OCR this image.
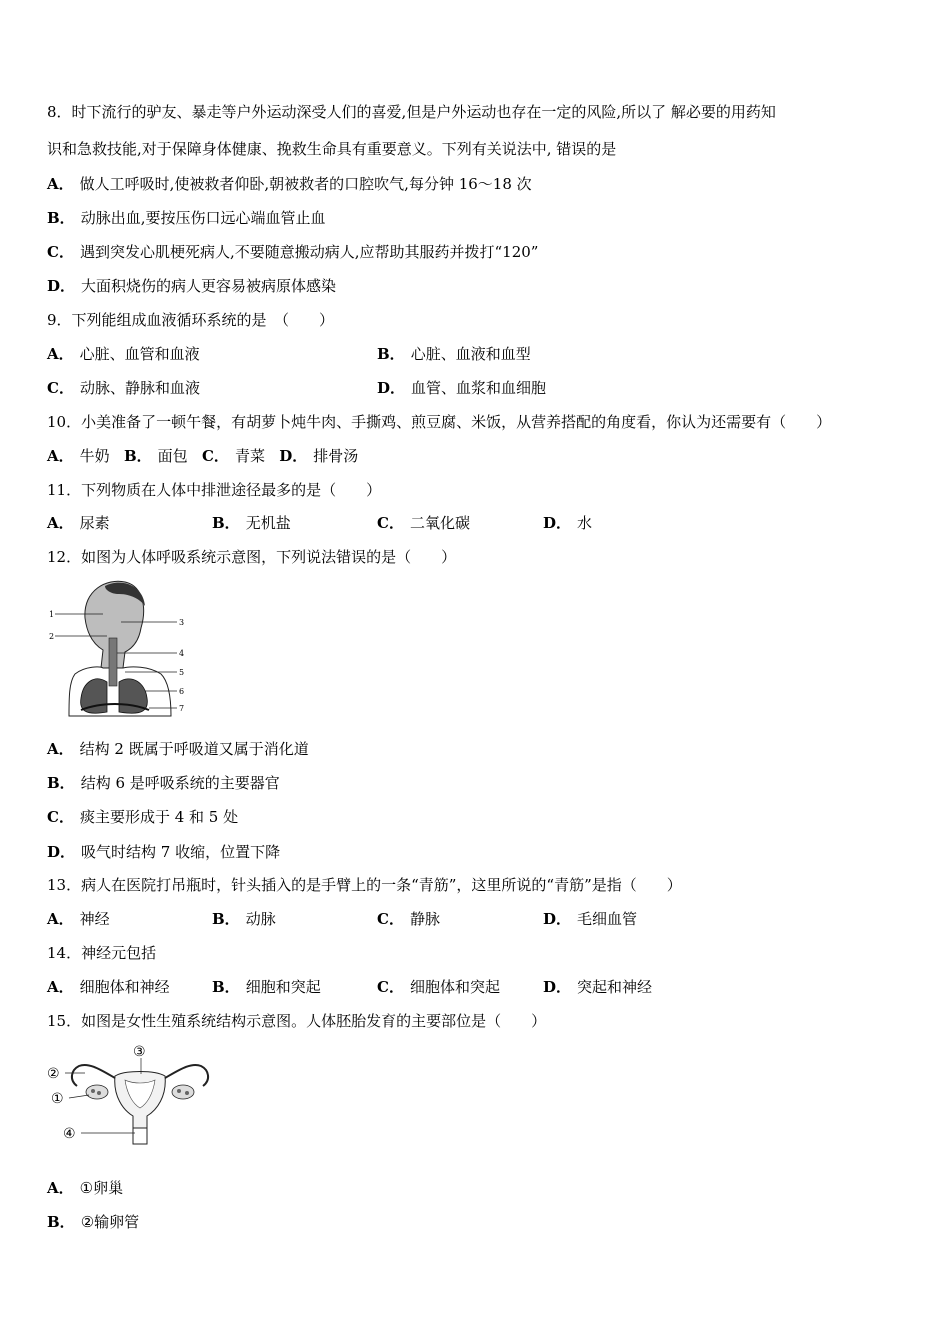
8．时下流行的驴友、暴走等户外运动深受人们的喜爱,但是户外运动也存在一定的风险,所以了 解必要的用药知
识和急救技能,对于保障身体健康、挽救生命具有重要意义。下列有关说法中, 错误的是
A． 做人工呼吸时,使被救者仰卧,朝被救者的口腔吹气,每分钟 16～18 次
B． 动脉出血,要按压伤口远心端血管止血
C． 遇到突发心肌梗死病人,不要随意搬动病人,应帮助其服药并拨打“120”
D． 大面积烧伤的病人更容易被病原体感染
9．下列能组成血液循环系统的是　（　　）
A． 心脏、血管和血液	B． 心脏、血液和血型
C． 动脉、静脉和血液	D． 血管、血浆和血细胞
10．小美准备了一顿午餐，有胡萝卜炖牛肉、手撕鸡、煎豆腐、米饭，从营养搭配的角度看，你认为还需要有（　　）
A． 牛奶 B． 面包 C． 青菜 D． 排骨汤
11．下列物质在人体中排泄途径最多的是（　　）
A． 尿素	B． 无机盐	C． 二氧化碳	D． 水
12．如图为人体呼吸系统示意图，下列说法错误的是（　　）
1
2
3
4
5
6
7
A． 结构 2 既属于呼吸道又属于消化道
B． 结构 6 是呼吸系统的主要器官
C． 痰主要形成于 4 和 5 处
D． 吸气时结构 7 收缩，位置下降
13．病人在医院打吊瓶时，针头插入的是手臂上的一条“青筋”，这里所说的“青筋”是指（　　）
A． 神经	B． 动脉	C． 静脉	D． 毛细血管
14．神经元包括
A． 细胞体和神经	B． 细胞和突起	C． 细胞体和突起	D． 突起和神经
15．如图是女性生殖系统结构示意图。人体胚胎发育的主要部位是（　　）
②
①
③
④
A． ①卵巢
B． ②输卵管
